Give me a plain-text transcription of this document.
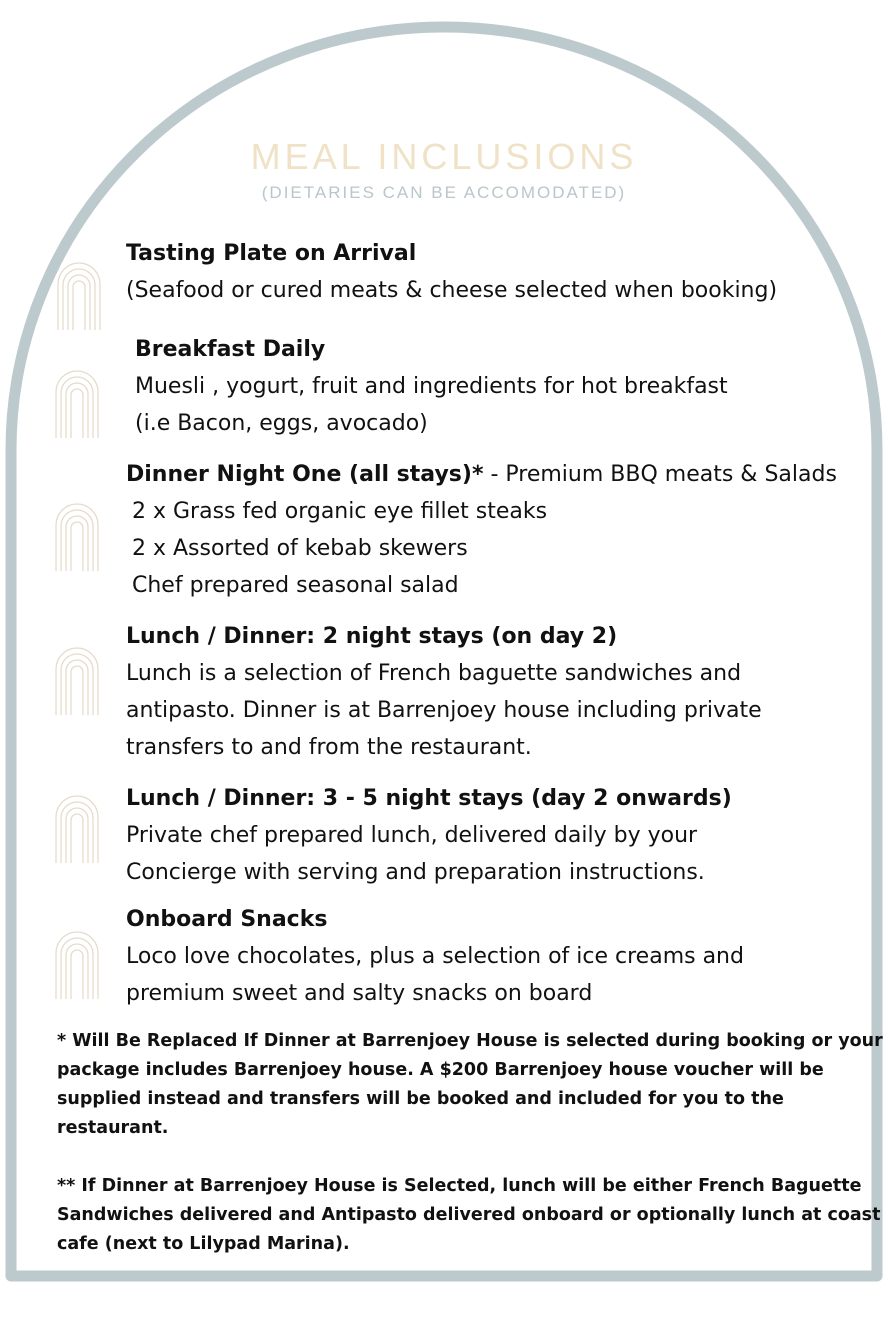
MEAL INCLUSIONS
(DIETARIES CAN BE ACCOMODATED)
Tasting Plate on Arrival
(Seafood or cured meats & cheese selected when booking)
Breakfast Daily
Muesli , yogurt, fruit and ingredients for hot breakfast
(i.e Bacon, eggs, avocado)
Dinner Night One (all stays)* - Premium BBQ meats & Salads
2 x Grass fed organic eye fillet steaks
2 x Assorted of kebab skewers
Chef prepared seasonal salad
Lunch / Dinner: 2 night stays (on day 2)
Lunch is a selection of French baguette sandwiches and
antipasto. Dinner is at Barrenjoey house including private
transfers to and from the restaurant.
Lunch / Dinner: 3 - 5 night stays (day 2 onwards)
Private chef prepared lunch, delivered daily by your
Concierge with serving and preparation instructions.
Onboard Snacks
Loco love chocolates, plus a selection of ice creams and
premium sweet and salty snacks on board
* Will Be Replaced If Dinner at Barrenjoey House is selected during booking or your
package includes Barrenjoey house. A $200 Barrenjoey house voucher will be
supplied instead and transfers will be booked and included for you to the
restaurant.
** If Dinner at Barrenjoey House is Selected, lunch will be either French Baguette
Sandwiches delivered and Antipasto delivered onboard or optionally lunch at coast
cafe (next to Lilypad Marina).
